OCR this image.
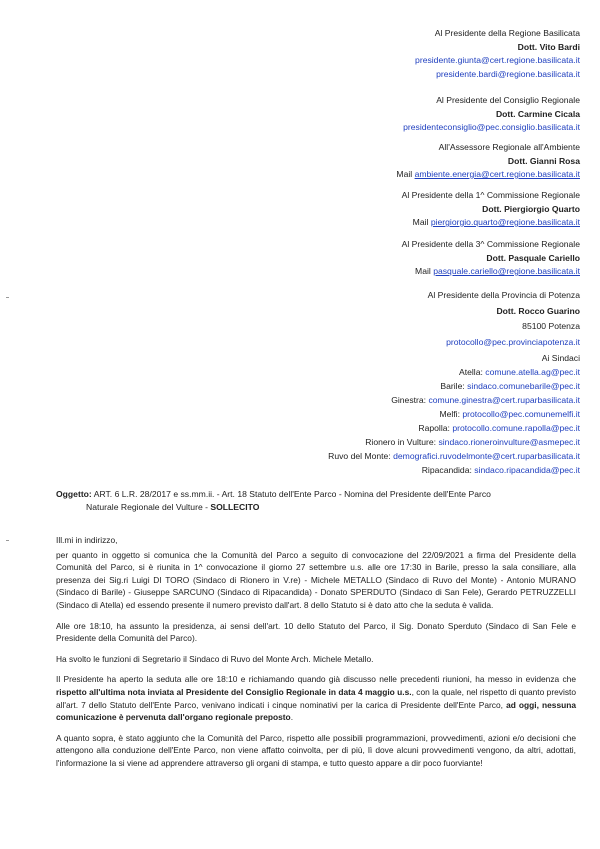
Al Presidente della Regione Basilicata
Dott. Vito Bardi
presidente.giunta@cert.regione.basilicata.it
presidente.bardi@regione.basilicata.it
Al Presidente del Consiglio Regionale
Dott. Carmine Cicala
presidenteconsiglio@pec.consiglio.basilicata.it
All'Assessore Regionale all'Ambiente
Dott. Gianni Rosa
Mail ambiente.energia@cert.regione.basilicata.it
Al Presidente della 1^ Commissione Regionale
Dott. Piergiorgio Quarto
Mail piergiorgio.quarto@regione.basilicata.it
Al Presidente della 3^ Commissione Regionale
Dott. Pasquale Cariello
Mail pasquale.cariello@regione.basilicata.it
Al Presidente della Provincia di Potenza
Dott. Rocco Guarino
85100 Potenza
protocollo@pec.provinciapotenza.it
Ai Sindaci
Atella: comune.atella.ag@pec.it
Barile: sindaco.comunebarile@pec.it
Ginestra: comune.ginestra@cert.ruparbasilicata.it
Melfi: protocollo@pec.comunemelfi.it
Rapolla: protocollo.comune.rapolla@pec.it
Rionero in Vulture: sindaco.rioneroinvulture@asmepec.it
Ruvo del Monte: demografici.ruvodelmonte@cert.ruparbasilicata.it
Ripacandida: sindaco.ripacandida@pec.it
Oggetto: ART. 6 L.R. 28/2017 e ss.mm.ii. - Art. 18 Statuto dell'Ente Parco - Nomina del Presidente dell'Ente Parco
Naturale Regionale del Vulture - SOLLECITO

Ill.mi in indirizzo,

per quanto in oggetto si comunica che la Comunità del Parco a seguito di convocazione del 22/09/2021 a firma del Presidente della Comunità del Parco, si è riunita in 1^ convocazione il giorno 27 settembre u.s. alle ore 17:30 in Barile, presso la sala consiliare, alla presenza dei Sig.ri Luigi DI TORO (Sindaco di Rionero in V.re) - Michele METALLO (Sindaco di Ruvo del Monte) - Antonio MURANO (Sindaco di Barile) - Giuseppe SARCUNO (Sindaco di Ripacandida) - Donato SPERDUTO (Sindaco di San Fele), Gerardo PETRUZZELLI (Sindaco di Atella) ed essendo presente il numero previsto dall'art. 8 dello Statuto si è dato atto che la seduta è valida.

Alle ore 18:10, ha assunto la presidenza, ai sensi dell'art. 10 dello Statuto del Parco, il Sig. Donato Sperduto (Sindaco di San Fele e Presidente della Comunità del Parco).

Ha svolto le funzioni di Segretario il Sindaco di Ruvo del Monte Arch. Michele Metallo.

Il Presidente ha aperto la seduta alle ore 18:10 e richiamando quando già discusso nelle precedenti riunioni, ha messo in evidenza che rispetto all'ultima nota inviata al Presidente del Consiglio Regionale in data 4 maggio u.s., con la quale, nel rispetto di quanto previsto all'art. 7 dello Statuto dell'Ente Parco, venivano indicati i cinque nominativi per la carica di Presidente dell'Ente Parco, ad oggi, nessuna comunicazione è pervenuta dall'organo regionale preposto.

A quanto sopra, è stato aggiunto che la Comunità del Parco, rispetto alle possibili programmazioni, provvedimenti, azioni e/o decisioni che attengono alla conduzione dell'Ente Parco, non viene affatto coinvolta, per di più, lì dove alcuni provvedimenti vengono, da altri, adottati, l'informazione la si viene ad apprendere attraverso gli organi di stampa, e tutto questo appare a dir poco fuorviante!
